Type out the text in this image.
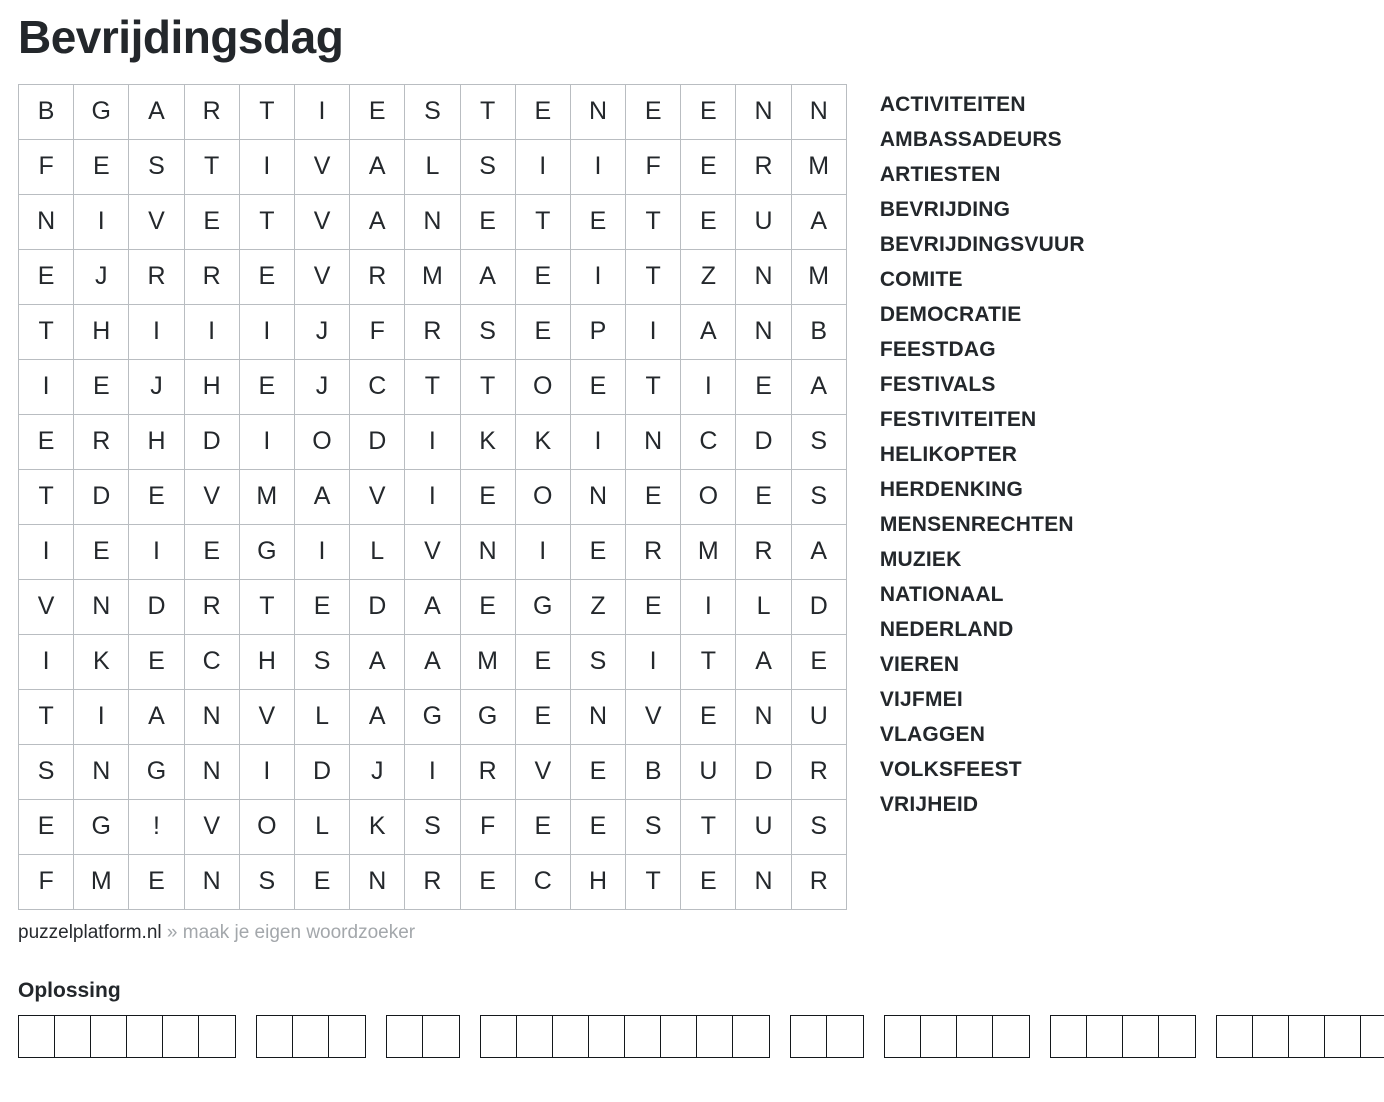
Bevrijdingsdag
B	G	A	R	T	I	E	S	T	E	N	E	E	N	N
F	E	S	T	I	V	A	L	S	I	I	F	E	R	M
N	I	V	E	T	V	A	N	E	T	E	T	E	U	A
E	J	R	R	E	V	R	M	A	E	I	T	Z	N	M
T	H	I	I	I	J	F	R	S	E	P	I	A	N	B
I	E	J	H	E	J	C	T	T	O	E	T	I	E	A
E	R	H	D	I	O	D	I	K	K	I	N	C	D	S
T	D	E	V	M	A	V	I	E	O	N	E	O	E	S
I	E	I	E	G	I	L	V	N	I	E	R	M	R	A
V	N	D	R	T	E	D	A	E	G	Z	E	I	L	D
I	K	E	C	H	S	A	A	M	E	S	I	T	A	E
T	I	A	N	V	L	A	G	G	E	N	V	E	N	U
S	N	G	N	I	D	J	I	R	V	E	B	U	D	R
E	G	!	V	O	L	K	S	F	E	E	S	T	U	S
F	M	E	N	S	E	N	R	E	C	H	T	E	N	R
ACTIVITEITEN
AMBASSADEURS
ARTIESTEN
BEVRIJDING
BEVRIJDINGSVUUR
COMITE
DEMOCRATIE
FEESTDAG
FESTIVALS
FESTIVITEITEN
HELIKOPTER
HERDENKING
MENSENRECHTEN
MUZIEK
NATIONAAL
NEDERLAND
VIEREN
VIJFMEI
VLAGGEN
VOLKSFEEST
VRIJHEID
puzzelplatform.nl » maak je eigen woordzoeker
Oplossing
